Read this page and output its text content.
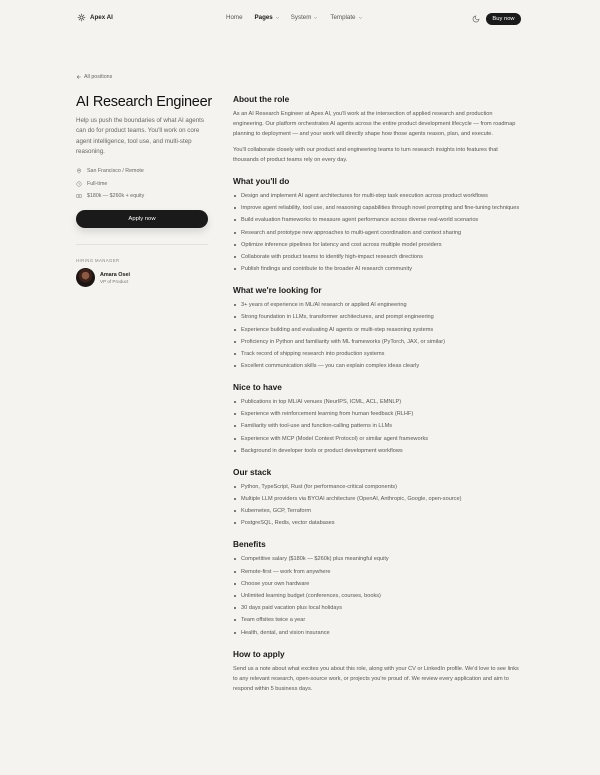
Apex AI	Home Pages	System	Template	Buy now
All positions
AI Research Engineer

Help us push the boundaries of what AI agents can do for product teams. You'll work on core agent intelligence, tool use, and multi-step reasoning.

San Francisco / Remote
Full-time
$180k — $260k + equity
Apply now
HIRING MANAGER
Amara Osei
VP of Product
About the role

As an AI Research Engineer at Apex AI, you'll work at the intersection of applied research and production engineering. Our platform orchestrates AI agents across the entire product development lifecycle — from roadmap planning to deployment — and your work will directly shape how those agents reason, plan, and execute.

You'll collaborate closely with our product and engineering teams to turn research insights into features that thousands of product teams rely on every day.

What you'll do
Design and implement AI agent architectures for multi-step task execution across product workflows
Improve agent reliability, tool use, and reasoning capabilities through novel prompting and fine-tuning techniques
Build evaluation frameworks to measure agent performance across diverse real-world scenarios
Research and prototype new approaches to multi-agent coordination and context sharing
Optimize inference pipelines for latency and cost across multiple model providers
Collaborate with product teams to identify high-impact research directions
Publish findings and contribute to the broader AI research community
What we're looking for
3+ years of experience in ML/AI research or applied AI engineering
Strong foundation in LLMs, transformer architectures, and prompt engineering
Experience building and evaluating AI agents or multi-step reasoning systems
Proficiency in Python and familiarity with ML frameworks (PyTorch, JAX, or similar)
Track record of shipping research into production systems
Excellent communication skills — you can explain complex ideas clearly
Nice to have
Publications in top ML/AI venues (NeurIPS, ICML, ACL, EMNLP)
Experience with reinforcement learning from human feedback (RLHF)
Familiarity with tool-use and function-calling patterns in LLMs
Experience with MCP (Model Context Protocol) or similar agent frameworks
Background in developer tools or product development workflows
Our stack
Python, TypeScript, Rust (for performance-critical components)
Multiple LLM providers via BYOAI architecture (OpenAI, Anthropic, Google, open-source)
Kubernetes, GCP, Terraform
PostgreSQL, Redis, vector databases
Benefits
Competitive salary ($180k — $260k) plus meaningful equity
Remote-first — work from anywhere
Choose your own hardware
Unlimited learning budget (conferences, courses, books)
30 days paid vacation plus local holidays
Team offsites twice a year
Health, dental, and vision insurance
How to apply

Send us a note about what excites you about this role, along with your CV or LinkedIn profile. We'd love to see links to any relevant research, open-source work, or projects you're proud of. We review every application and aim to respond within 5 business days.
